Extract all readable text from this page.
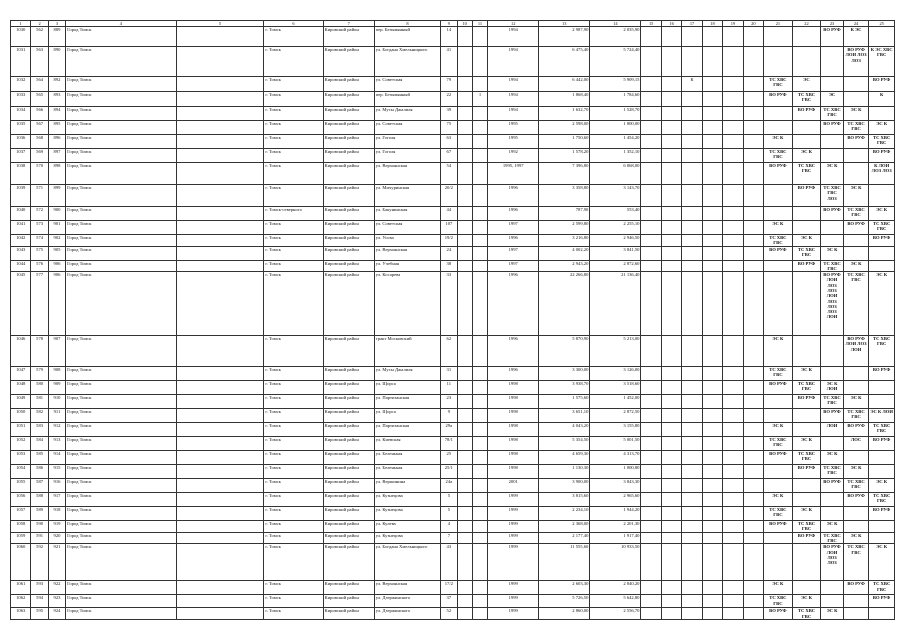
1	2	3	4	5	6	7	8	9	10	11	12	13	14	15	16	17	18	19	20	21	22	23	24	25
1030	562	889	Город Томск		г. Томск	Кировский район	пер. Безымянный	14			1994	2 987,90	2 035,90									ВО РУФ	К ЭС	
1031	563	890	Город Томск		г. Томск	Кировский район	ул. Богдана Хмельницкого	41			1994	6 475,40	5 724,40										ВО РУФ ЛОИ ЛОЗ ЛОЗ	К ЭС ХВС ГВС
1032	564	892	Город Томск		г. Томск	Кировский район	ул. Советская	79			1994	6 442,00	5 909,15			К				ТС ХВС ГВС	ЭС			ВО РУФ
1033	565	893	Город Томск		г. Томск	Кировский район	пер. Безымянный	22		1	1994	1 868,40	1 784,60							ВО РУФ	ТС ХВС ГВС	ЭС		К
1034	566	894	Город Томск		г. Томск	Кировский район	ул. Мусы Джалиля	39			1994	1 632,70	1 528,70								ВО РУФ	ТС ХВС ГВС	ЭС К	
1035	567	895	Город Томск		г. Томск	Кировский район	ул. Советская	75			1995	2 598,00	1 800,00									ВО РУФ	ТС ХВС ГВС	ЭС К
1036	568	896	Город Томск		г. Томск	Кировский район	ул. Гоголя	63			1995	1 750,60	1 454,20							ЭС К			ВО РУФ	ТС ХВС ГВС
1037	569	897	Город Томск		г. Томск	Кировский район	ул. Гоголя	67			1992	1 578,20	1 352,10							ТС ХВС ГВС	ЭС К			ВО РУФ
1038	570	898	Город Томск		г. Томск	Кировский район	ул. Верхоянская	54			1995, 1997	7 396,80	6 068,00							ВО РУФ	ТС ХВС ГВС	ЭС К		К ЛОИ ЛОЗ ЛОЗ
1039	571	899	Город Томск		г. Томск	Кировский район	ул. Мичуринская	20/2			1996	3 358,80	3 143,70								ВО РУФ	ТС ХВС ГВС ЛОЗ	ЭС К	
1040	572	900	Город Томск		г. Томск-северного	Кировский район	ул. Бакунинская	44			1996	787,90	553,40									ВО РУФ	ТС ХВС ГВС	ЭС К
1041	573	901	Город Томск		г. Томск	Кировский район	ул. Советская	107			1997	2 599,80	2 255,10							ЭС К			ВО РУФ	ТС ХВС ГВС
1042	574	902	Город Томск		г. Томск	Кировский район	ул. Усова	19/2			1996	3 216,80	2 946,50							ТС ХВС ГВС	ЭС К			ВО РУФ
1043	575	905	Город Томск		г. Томск	Кировский район	ул. Верхоянская	24			1997	4 002,20	3 841,50							ВО РУФ	ТС ХВС ГВС	ЭС К		
1044	576	906	Город Томск		г. Томск	Кировский район	ул. Учебная	38			1997	2 943,20	2 872,60								ВО РУФ	ТС ХВС ГВС	ЭС К	
1045	577	906	Город Томск		г. Томск	Кировский район	ул. Косарева	33			1996	22 266,80	21 136,40									ВО РУФ ЛОИ ЛОЗ ЛОЗ ЛОИ ЛОЗ ЛОЗ ЛОЗ ЛОИ	ТС ХВС ГВС	ЭС К
1046	578	907	Город Томск		г. Томск	Кировский район	тракт Московский	62			1996	5 870,90	5 213,00							ЭС К			ВО РУФ ЛОИ ЛОЗ ЛОИ	ТС ХВС ГВС
1047	579	908	Город Томск		г. Томск	Кировский район	ул. Мусы Джалиля	31			1996	3 300,00	3 126,00							ТС ХВС ГВС	ЭС К			ВО РУФ
1048	580	909	Город Томск		г. Томск	Кировский район	ул. Щорса	11			1998	3 938,70	3 518,60							ВО РУФ	ТС ХВС ГВС	ЭС К ЛОИ		
1049	581	910	Город Томск		г. Томск	Кировский район	ул. Партизанская	23			1998	1 575,60	1 452,00								ВО РУФ	ТС ХВС ГВС	ЭС К	
1050	582	911	Город Томск		г. Томск	Кировский район	ул. Щорса	9			1998	3 651,10	2 872,50									ВО РУФ	ТС ХВС ГВС	ЭС К ЛОИ
1051	583	912	Город Томск		г. Томск	Кировский район	ул. Партизанская	29а			1998	4 043,20	3 155,80							ЭС К		ЛОИ	ВО РУФ	ТС ХВС ГВС
1052	584	913	Город Томск		г. Томск	Кировский район	ул. Киевская	78/1			1998	5 354,50	5 001,50							ТС ХВС ГВС	ЭС К		ЛОС	ВО РУФ
1053	585	914	Город Томск		г. Томск	Кировский район	ул. Беленькая	25			1998	4 659,30	4 313,70							ВО РУФ	ТС ХВС ГВС	ЭС К		
1054	586	915	Город Томск		г. Томск	Кировский район	ул. Беленькая	25/1			1998	1 130,30	1 000,80								ВО РУФ	ТС ХВС ГВС	ЭС К	
1055	587	916	Город Томск		г. Томск	Кировский район	ул. Вершинина	24а			2001	3 900,00	3 843,30									ВО РУФ	ТС ХВС ГВС	ЭС К
1056	588	917	Город Томск		г. Томск	Кировский район	ул. Кузнецова	5			1999	3 815,60	2 965,60							ЭС К			ВО РУФ	ТС ХВС ГВС
1057	589	918	Город Томск		г. Томск	Кировский район	ул. Кузнецова	5			1999	2 234,10	1 944,20							ТС ХВС ГВС	ЭС К			ВО РУФ
1058	590	919	Город Томск		г. Томск	Кировский район	ул. Кулева	4			1999	2 368,00	2 201,30							ВО РУФ	ТС ХВС ГВС	ЭС К		
1059	591	920	Город Томск		г. Томск	Кировский район	ул. Кузнецова	7			1999	2 177,40	1 917,40								ВО РУФ	ТС ХВС ГВС	ЭС К	
1060	592	921	Город Томск		г. Томск	Кировский район	ул. Богдана Хмельницкого	43			1999	11 555,60	10 933,50									ВО РУФ ЛОИ ЛОЗ ЛОЗ	ТС ХВС ГВС	ЭС К
1061	593	922	Город Томск		г. Томск	Кировский район	ул. Верхоянская	17/2			1999	2 603,30	2 840,20							ЭС К			ВО РУФ	ТС ХВС ГВС
1062	594	923	Город Томск		г. Томск	Кировский район	ул. Дзержинского	37			1999	5 726,50	5 642,80							ТС ХВС ГВС	ЭС К			ВО РУФ
1063	595	924	Город Томск		г. Томск	Кировский район	ул. Дзержинского	52			1999	2 860,00	2 556,70							ВО РУФ	ТС ХВС ГВС	ЭС К		
